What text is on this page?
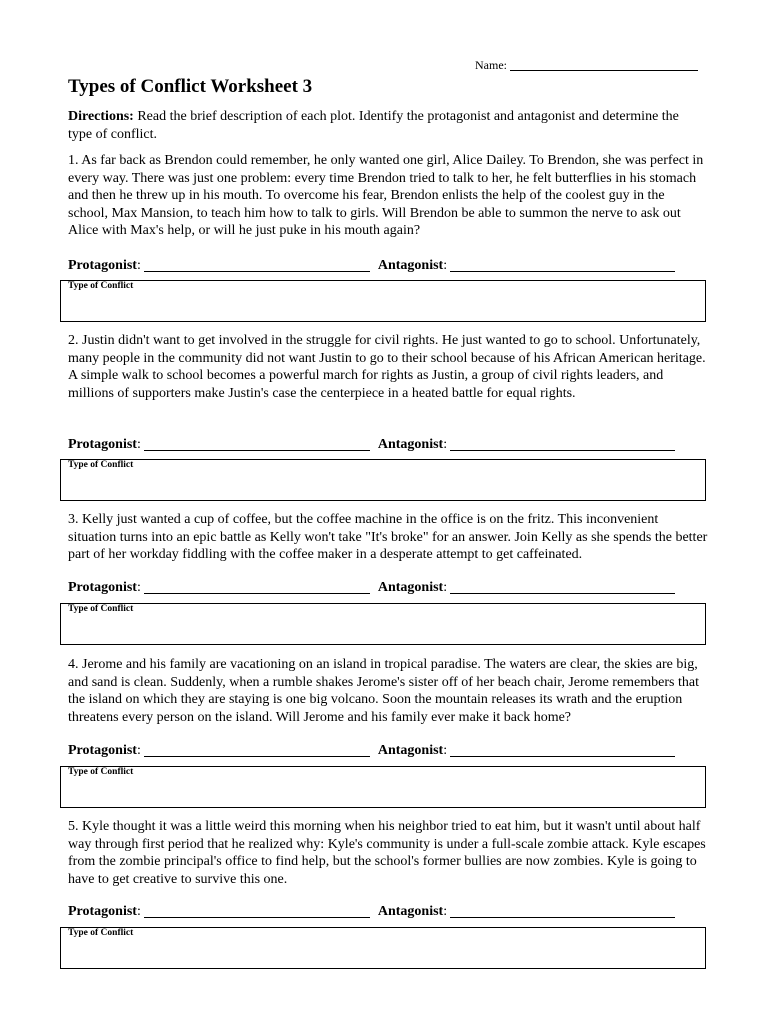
Name:
Types of Conflict Worksheet 3

Directions: Read the brief description of each plot. Identify the protagonist and antagonist and determine the type of conflict.

1. As far back as Brendon could remember, he only wanted one girl, Alice Dailey. To Brendon, she was perfect in every way. There was just one problem: every time Brendon tried to talk to her, he felt butterflies in his stomach and then he threw up in his mouth. To overcome his fear, Brendon enlists the help of the coolest guy in the school, Max Mansion, to teach him how to talk to girls. Will Brendon be able to summon the nerve to ask out Alice with Max's help, or will he just puke in his mouth again?

Protagonist:	Antagonist:
Type of Conflict

2. Justin didn't want to get involved in the struggle for civil rights. He just wanted to go to school. Unfortunately, many people in the community did not want Justin to go to their school because of his African American heritage. A simple walk to school becomes a powerful march for rights as Justin, a group of civil rights leaders, and millions of supporters make Justin's case the centerpiece in a heated battle for equal rights.

Protagonist:	Antagonist:
Type of Conflict

3. Kelly just wanted a cup of coffee, but the coffee machine in the office is on the fritz. This inconvenient situation turns into an epic battle as Kelly won't take "It's broke" for an answer. Join Kelly as she spends the better part of her workday fiddling with the coffee maker in a desperate attempt to get caffeinated.

Protagonist:	Antagonist:
Type of Conflict

4. Jerome and his family are vacationing on an island in tropical paradise. The waters are clear, the skies are big, and sand is clean. Suddenly, when a rumble shakes Jerome's sister off of her beach chair, Jerome remembers that the island on which they are staying is one big volcano. Soon the mountain releases its wrath and the eruption threatens every person on the island. Will Jerome and his family ever make it back home?

Protagonist:	Antagonist:
Type of Conflict

5. Kyle thought it was a little weird this morning when his neighbor tried to eat him, but it wasn't until about half way through first period that he realized why: Kyle's community is under a full-scale zombie attack. Kyle escapes from the zombie principal's office to find help, but the school's former bullies are now zombies. Kyle is going to have to get creative to survive this one.

Protagonist:	Antagonist:
Type of Conflict
